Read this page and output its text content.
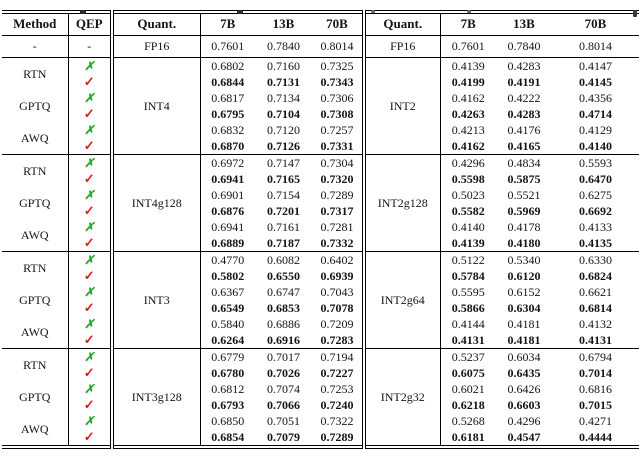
Method	QEP	Quant.	7B	13B	70B	Quant.	7B	13B	70B
-	-	FP16	0.7601	0.7840	0.8014	FP16	0.7601	0.7840	0.8014
RTN	✗	INT4	0.6802	0.7160	0.7325	INT2	0.4139	0.4283	0.4147
	✓		0.6844	0.7131	0.7343		0.4199	0.4191	0.4145
GPTQ	✗		0.6817	0.7134	0.7306		0.4162	0.4222	0.4356
	✓		0.6795	0.7104	0.7308		0.4263	0.4283	0.4714
AWQ	✗		0.6832	0.7120	0.7257		0.4213	0.4176	0.4129
	✓		0.6870	0.7126	0.7331		0.4162	0.4165	0.4140
RTN	✗	INT4g128	0.6972	0.7147	0.7304	INT2g128	0.4296	0.4834	0.5593
	✓		0.6941	0.7165	0.7320		0.5598	0.5875	0.6470
GPTQ	✗		0.6901	0.7154	0.7289		0.5023	0.5521	0.6275
	✓		0.6876	0.7201	0.7317		0.5582	0.5969	0.6692
AWQ	✗		0.6941	0.7161	0.7281		0.4140	0.4178	0.4133
	✓		0.6889	0.7187	0.7332		0.4139	0.4180	0.4135
RTN	✗	INT3	0.4770	0.6082	0.6402	INT2g64	0.5122	0.5340	0.6330
	✓		0.5802	0.6550	0.6939		0.5784	0.6120	0.6824
GPTQ	✗		0.6367	0.6747	0.7043		0.5595	0.6152	0.6621
	✓		0.6549	0.6853	0.7078		0.5866	0.6304	0.6814
AWQ	✗		0.5840	0.6886	0.7209		0.4144	0.4181	0.4132
	✓		0.6264	0.6916	0.7283		0.4131	0.4181	0.4131
RTN	✗	INT3g128	0.6779	0.7017	0.7194	INT2g32	0.5237	0.6034	0.6794
	✓		0.6780	0.7026	0.7227		0.6075	0.6435	0.7014
GPTQ	✗		0.6812	0.7074	0.7253		0.6021	0.6426	0.6816
	✓		0.6793	0.7066	0.7240		0.6218	0.6603	0.7015
AWQ	✗		0.6850	0.7051	0.7322		0.5268	0.4296	0.4271
	✓		0.6854	0.7079	0.7289		0.6181	0.4547	0.4444
